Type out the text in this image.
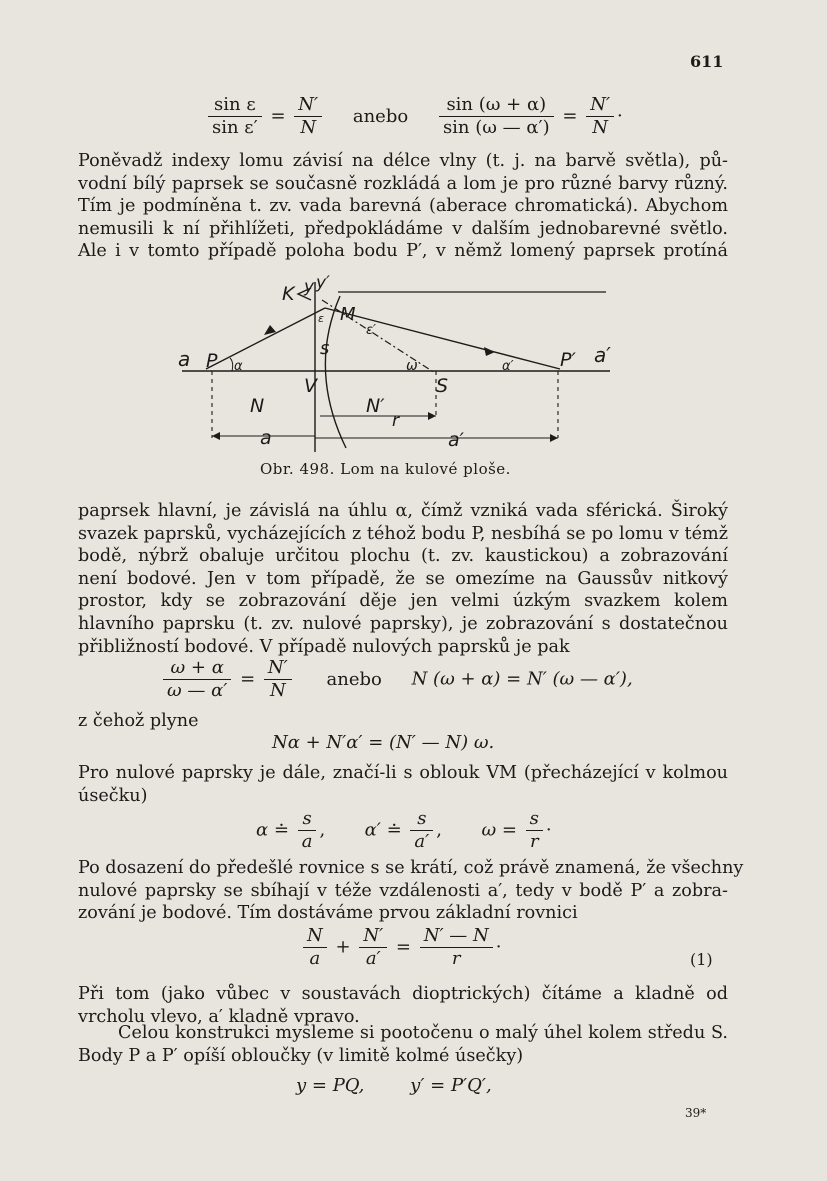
611
$\frac{\text{sin ε}}{\text{sin ε′}} = \frac{N'}{N}$ anebo $\frac{\sin (\omega + \alpha)}{\sin (\omega — \alpha')} = \frac{N'}{N}$ ·
Poněvadž indexy lomu závisí na délce vlny (t. j. na barvě světla), pů-
vodní bílý paprsek se současně rozkládá a lom je pro různé barvy různý.
Tím je podmíněna t. zv. vada barevná (aberace chromatická). Abychom
nemusili k ní přihlížeti, předpokládáme v dalším jednobarevné světlo.
Ale i v tomto případě poloha bodu P′, v němž lomený paprsek protíná
K y y′
M
ε
ε′
s
a P α	ω	α′ P′ a′
V	S
N	N′
r
a	a′
Obr. 498. Lom na kulové ploše.
paprsek hlavní, je závislá na úhlu α, čímž vzniká vada sférická. Široký
svazek paprsků, vycházejících z téhož bodu P, nesbíhá se po lomu v témž
bodě, nýbrž obaluje určitou plochu (t. zv. kaustickou) a zobrazování
není bodové. Jen v tom případě, že se omezíme na Gaussův nitkový
prostor, kdy se zobrazování děje jen velmi úzkým svazkem kolem
hlavního paprsku (t. zv. nulové paprsky), je zobrazování s dostatečnou
přibližností bodové. V případě nulových paprsků je pak
$\frac{\omega + \alpha}{\omega — \alpha'} = \frac{N'}{N}$ anebo N (ω + α) = N′ (ω — α′),
z čehož plyne
Nα + N′α′ = (N′ — N) ω.
Pro nulové paprsky je dále, značí-li s oblouk VM (přecházející v kolmou
úsečku)
α ≐ $\frac{s}{a}$ , α′ ≐ $\frac{s}{a'}$ , $\omega = \frac{s}{r}$ ·
Po dosazení do předešlé rovnice s se krátí, což právě znamená, že všechny
nulové paprsky se sbíhají v téže vzdálenosti a′, tedy v bodě P′ a zobra-
zování je bodové. Tím dostáváme prvou základní rovnici
$\frac{N}{a} + \frac{N'}{a'} = \frac{N' — N}{r}$ ·
(1)
Při tom (jako vůbec v soustavách dioptrických) čítáme a kladně od
vrcholu vlevo, a′ kladně vpravo.
Celou konstrukci mysleme si pootočenu o malý úhel kolem středu S.
Body P a P′ opíší obloučky (v limitě kolmé úsečky)
y = PQ,        y′ = P′Q′,
39*
